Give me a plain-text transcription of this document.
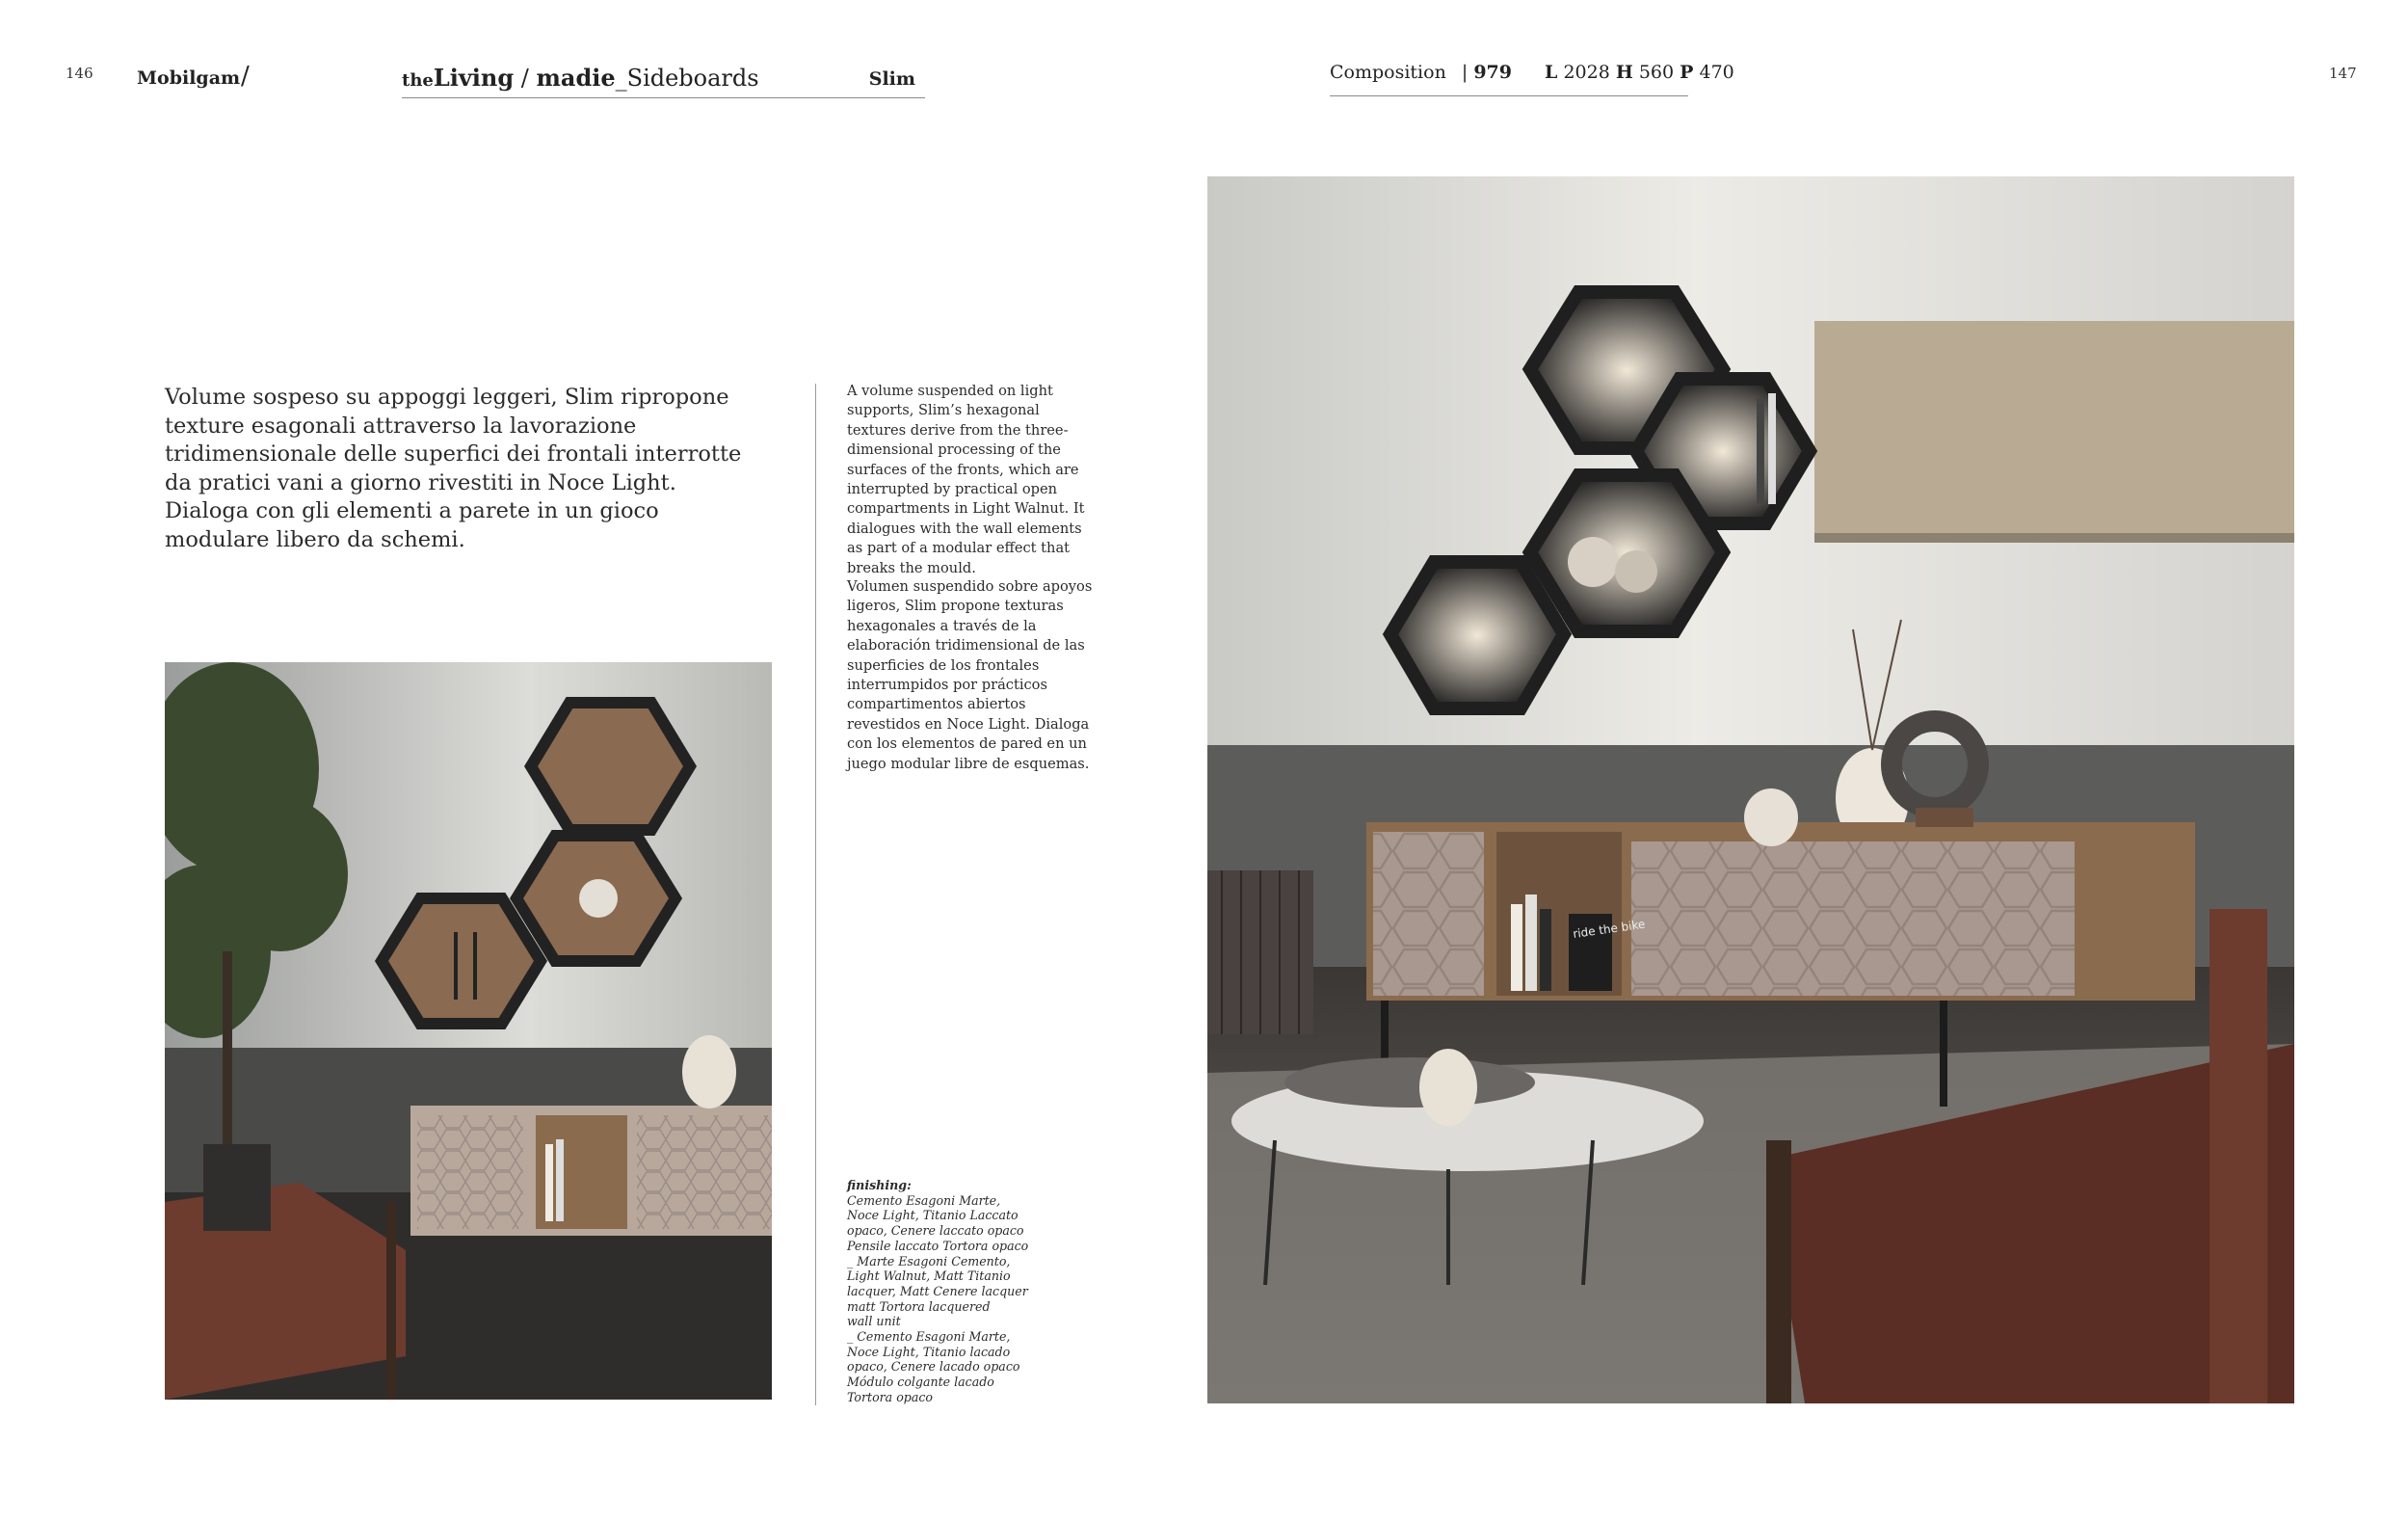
146	147
Mobilgam /	theLiving / madie_Sideboards	Slim	Composition | 979 L 2028 H 560 P 470
Volume sospeso su appoggi leggeri, Slim ripropone texture esagonali attraverso la lavorazione tridimensionale delle superfici dei frontali interrotte da pratici vani a giorno rivestiti in Noce Light. Dialoga con gli elementi a parete in un gioco modulare libero da schemi.
A volume suspended on light supports, Slim’s hexagonal textures derive from the three-dimensional processing of the surfaces of the fronts, which are interrupted by practical open compartments in Light Walnut. It dialogues with the wall elements as part of a modular effect that breaks the mould.
Volumen suspendido sobre apoyos ligeros, Slim propone texturas hexagonales a través de la elaboración tridimensional de las superficies de los frontales interrumpidos por prácticos compartimentos abiertos revestidos en Noce Light. Dialoga con los elementos de pared en un juego modular libre de esquemas.
finishing:
Cemento Esagoni Marte,
Noce Light, Titanio Laccato
opaco, Cenere laccato opaco
Pensile laccato Tortora opaco
_ Marte Esagoni Cemento,
Light Walnut, Matt Titanio
lacquer, Matt Cenere lacquer
matt Tortora lacquered
wall unit
_ Cemento Esagoni Marte,
Noce Light, Titanio lacado
opaco, Cenere lacado opaco
Módulo colgante lacado
Tortora opaco
ride the bike
